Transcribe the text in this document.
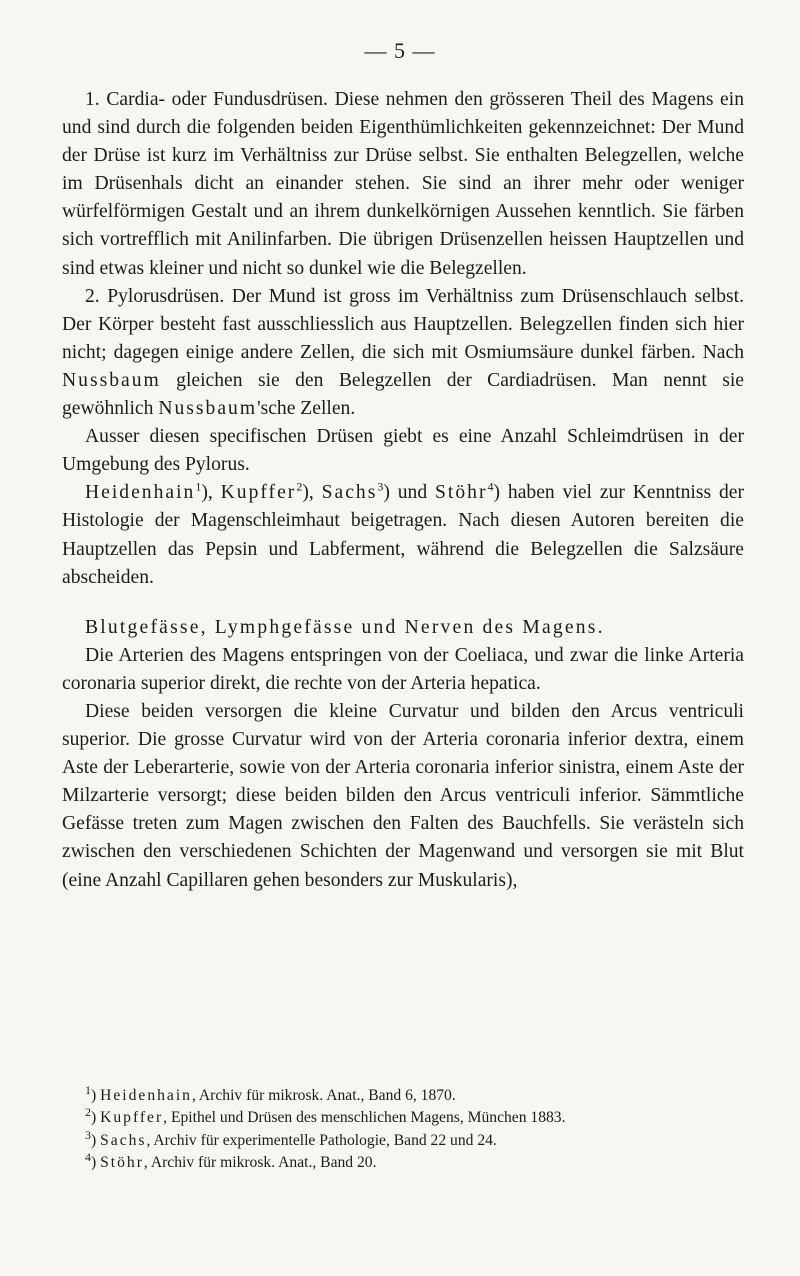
— 5 —

1. Cardia- oder Fundusdrüsen. Diese nehmen den grösseren Theil des Magens ein und sind durch die folgenden beiden Eigenthümlichkeiten gekennzeichnet: Der Mund der Drüse ist kurz im Verhältniss zur Drüse selbst. Sie enthalten Belegzellen, welche im Drüsenhals dicht an einander stehen. Sie sind an ihrer mehr oder weniger würfelförmigen Gestalt und an ihrem dunkelkörnigen Aussehen kenntlich. Sie färben sich vortrefflich mit Anilinfarben. Die übrigen Drüsenzellen heissen Hauptzellen und sind etwas kleiner und nicht so dunkel wie die Belegzellen.

2. Pylorusdrüsen. Der Mund ist gross im Verhältniss zum Drüsenschlauch selbst. Der Körper besteht fast ausschliesslich aus Hauptzellen. Belegzellen finden sich hier nicht; dagegen einige andere Zellen, die sich mit Osmiumsäure dunkel färben. Nach Nussbaum gleichen sie den Belegzellen der Cardiadrüsen. Man nennt sie gewöhnlich Nussbaum'sche Zellen.

Ausser diesen specifischen Drüsen giebt es eine Anzahl Schleimdrüsen in der Umgebung des Pylorus.

Heidenhain$^1$), Kupffer$^2$), Sachs$^3$) und Stöhr$^4$) haben viel zur Kenntniss der Histologie der Magenschleimhaut beigetragen. Nach diesen Autoren bereiten die Hauptzellen das Pepsin und Labferment, während die Belegzellen die Salzsäure abscheiden.

Blutgefässe, Lymphgefässe und Nerven des Magens.

Die Arterien des Magens entspringen von der Coeliaca, und zwar die linke Arteria coronaria superior direkt, die rechte von der Arteria hepatica.

Diese beiden versorgen die kleine Curvatur und bilden den Arcus ventriculi superior. Die grosse Curvatur wird von der Arteria coronaria inferior dextra, einem Aste der Leberarterie, sowie von der Arteria coronaria inferior sinistra, einem Aste der Milzarterie versorgt; diese beiden bilden den Arcus ventriculi inferior. Sämmtliche Gefässe treten zum Magen zwischen den Falten des Bauchfells. Sie verästeln sich zwischen den verschiedenen Schichten der Magenwand und versorgen sie mit Blut (eine Anzahl Capillaren gehen besonders zur Muskularis),

$^1$) Heidenhain, Archiv für mikrosk. Anat., Band 6, 1870.

$^2$) Kupffer, Epithel und Drüsen des menschlichen Magens, München 1883.

$^3$) Sachs, Archiv für experimentelle Pathologie, Band 22 und 24.

$^4$) Stöhr, Archiv für mikrosk. Anat., Band 20.
